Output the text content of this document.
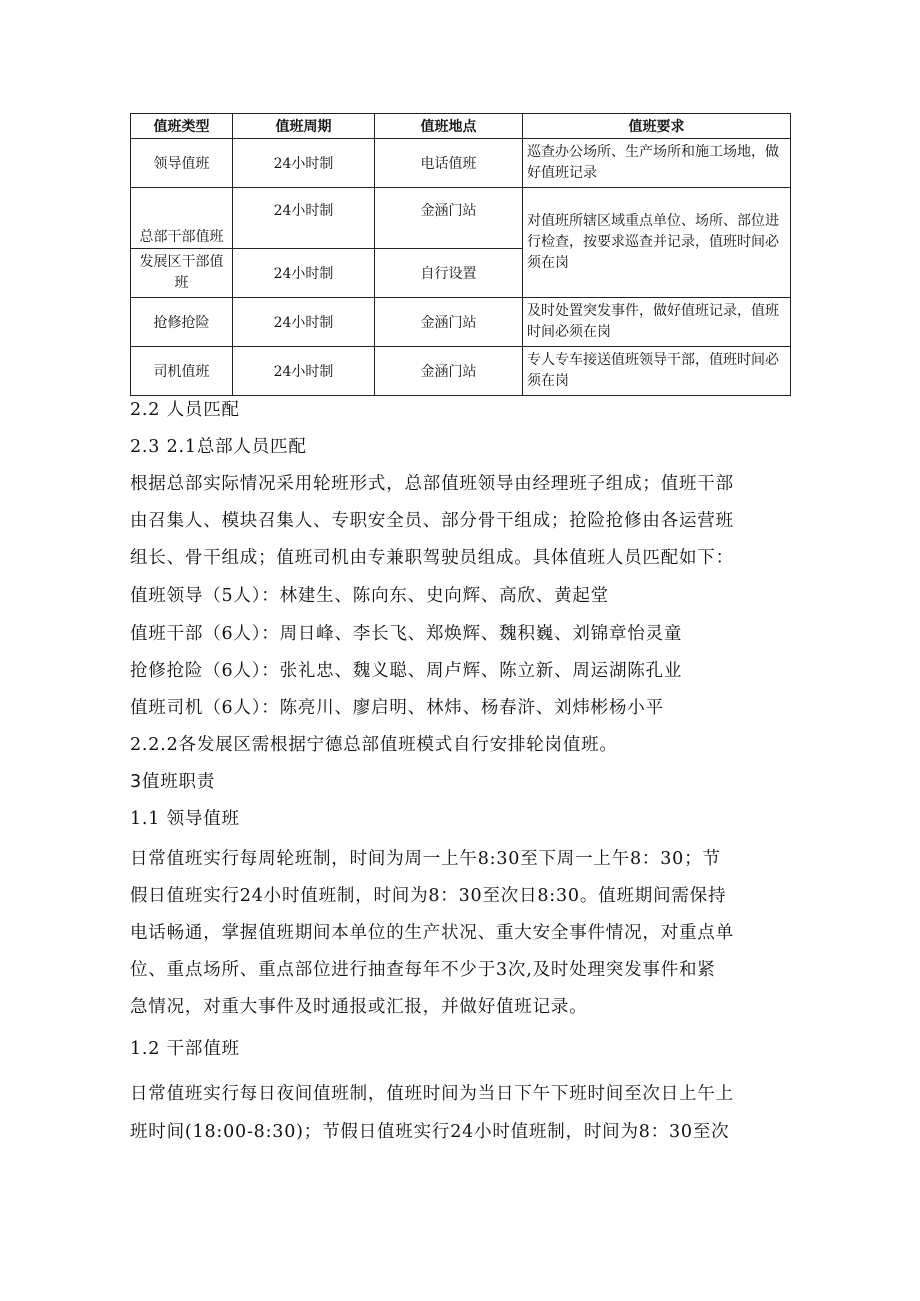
值班类型	值班周期	值班地点	值班要求
领导值班	24小时制	电话值班	巡查办公场所、生产场所和施工场地，做好值班记录
总部干部值班	24小时制	金涵门站	对值班所辖区域重点单位、场所、部位进行检查，按要求巡查并记录，值班时间必须在岗
发展区干部值班	24小时制	自行设置	
抢修抢险	24小时制	金涵门站	及时处置突发事件，做好值班记录，值班时间必须在岗
司机值班	24小时制	金涵门站	专人专车接送值班领导干部，值班时间必须在岗
2.2 人员匹配
2.3 2.1总部人员匹配
根据总部实际情况采用轮班形式，总部值班领导由经理班子组成；值班干部
由召集人、模块召集人、专职安全员、部分骨干组成；抢险抢修由各运营班
组长、骨干组成；值班司机由专兼职驾驶员组成。具体值班人员匹配如下：
值班领导（5人）：林建生、陈向东、史向辉、高欣、黄起堂
值班干部（6人）：周日峰、李长飞、郑焕辉、魏积巍、刘锦章怡灵童
抢修抢险（6人）：张礼忠、魏义聪、周卢辉、陈立新、周运湖陈孔业
值班司机（6人）：陈亮川、廖启明、林炜、杨春浒、刘炜彬杨小平
2.2.2各发展区需根据宁德总部值班模式自行安排轮岗值班。
3值班职责
1.1 领导值班
日常值班实行每周轮班制，时间为周一上午8:30至下周一上午8：30；节
假日值班实行24小时值班制，时间为8：30至次日8:30。值班期间需保持
电话畅通，掌握值班期间本单位的生产状况、重大安全事件情况，对重点单
位、重点场所、重点部位进行抽查每年不少于3次,及时处理突发事件和紧
急情况，对重大事件及时通报或汇报，并做好值班记录。
1.2 干部值班
日常值班实行每日夜间值班制，值班时间为当日下午下班时间至次日上午上
班时间(18:00-8:30)；节假日值班实行24小时值班制，时间为8：30至次
